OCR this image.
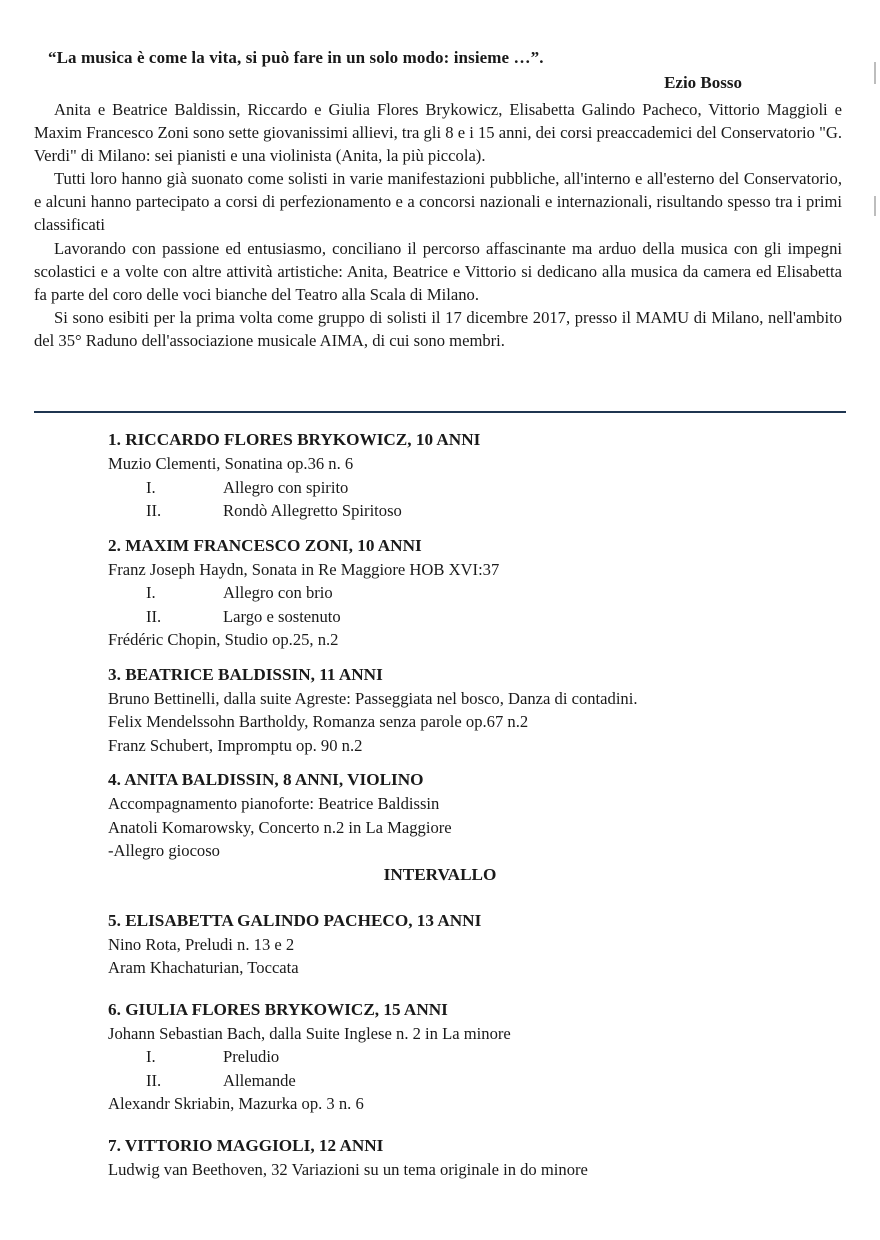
“La musica è come la vita, si può fare in un solo modo: insieme …”.
Ezio Bosso

Anita e Beatrice Baldissin, Riccardo e Giulia Flores Brykowicz, Elisabetta Galindo Pacheco, Vittorio Maggioli e Maxim Francesco Zoni sono sette giovanissimi allievi, tra gli 8 e i 15 anni, dei corsi preaccademici del Conservatorio "G. Verdi" di Milano: sei pianisti e una violinista (Anita, la più piccola).

Tutti loro hanno già suonato come solisti in varie manifestazioni pubbliche, all'interno e all'esterno del Conservatorio, e alcuni hanno partecipato a corsi di perfezionamento e a concorsi nazionali e internazionali, risultando spesso tra i primi classificati

Lavorando con passione ed entusiasmo, conciliano il percorso affascinante ma arduo della musica con gli impegni scolastici e a volte con altre attività artistiche: Anita, Beatrice e Vittorio si dedicano alla musica da camera ed Elisabetta fa parte del coro delle voci bianche del Teatro alla Scala di Milano.

Si sono esibiti per la prima volta come gruppo di solisti il 17 dicembre 2017, presso il MAMU di Milano, nell'ambito del 35° Raduno dell'associazione musicale AIMA, di cui sono membri.

1. RICCARDO FLORES BRYKOWICZ, 10 ANNI
Muzio Clementi, Sonatina op.36 n. 6
I.	Allegro con spirito
II.	Rondò Allegretto Spiritoso
2. MAXIM FRANCESCO ZONI, 10 ANNI
Franz Joseph Haydn, Sonata in Re Maggiore HOB XVI:37
I.	Allegro con brio
II.	Largo e sostenuto
Frédéric Chopin, Studio op.25, n.2
3. BEATRICE BALDISSIN, 11 ANNI
Bruno Bettinelli, dalla suite Agreste: Passeggiata nel bosco, Danza di contadini.
Felix Mendelssohn Bartholdy, Romanza senza parole op.67 n.2
Franz Schubert, Impromptu op. 90 n.2
4. ANITA BALDISSIN, 8 ANNI, VIOLINO
Accompagnamento pianoforte: Beatrice Baldissin
Anatoli Komarowsky, Concerto n.2 in La Maggiore
-Allegro giocoso
INTERVALLO
5. ELISABETTA GALINDO PACHECO, 13 ANNI
Nino Rota, Preludi n. 13 e 2
Aram Khachaturian, Toccata
6. GIULIA FLORES BRYKOWICZ, 15 ANNI
Johann Sebastian Bach, dalla Suite Inglese n. 2 in La minore
I.	Preludio
II.	Allemande
Alexandr Skriabin, Mazurka op. 3 n. 6
7. VITTORIO MAGGIOLI, 12 ANNI
Ludwig van Beethoven, 32 Variazioni su un tema originale in do minore
